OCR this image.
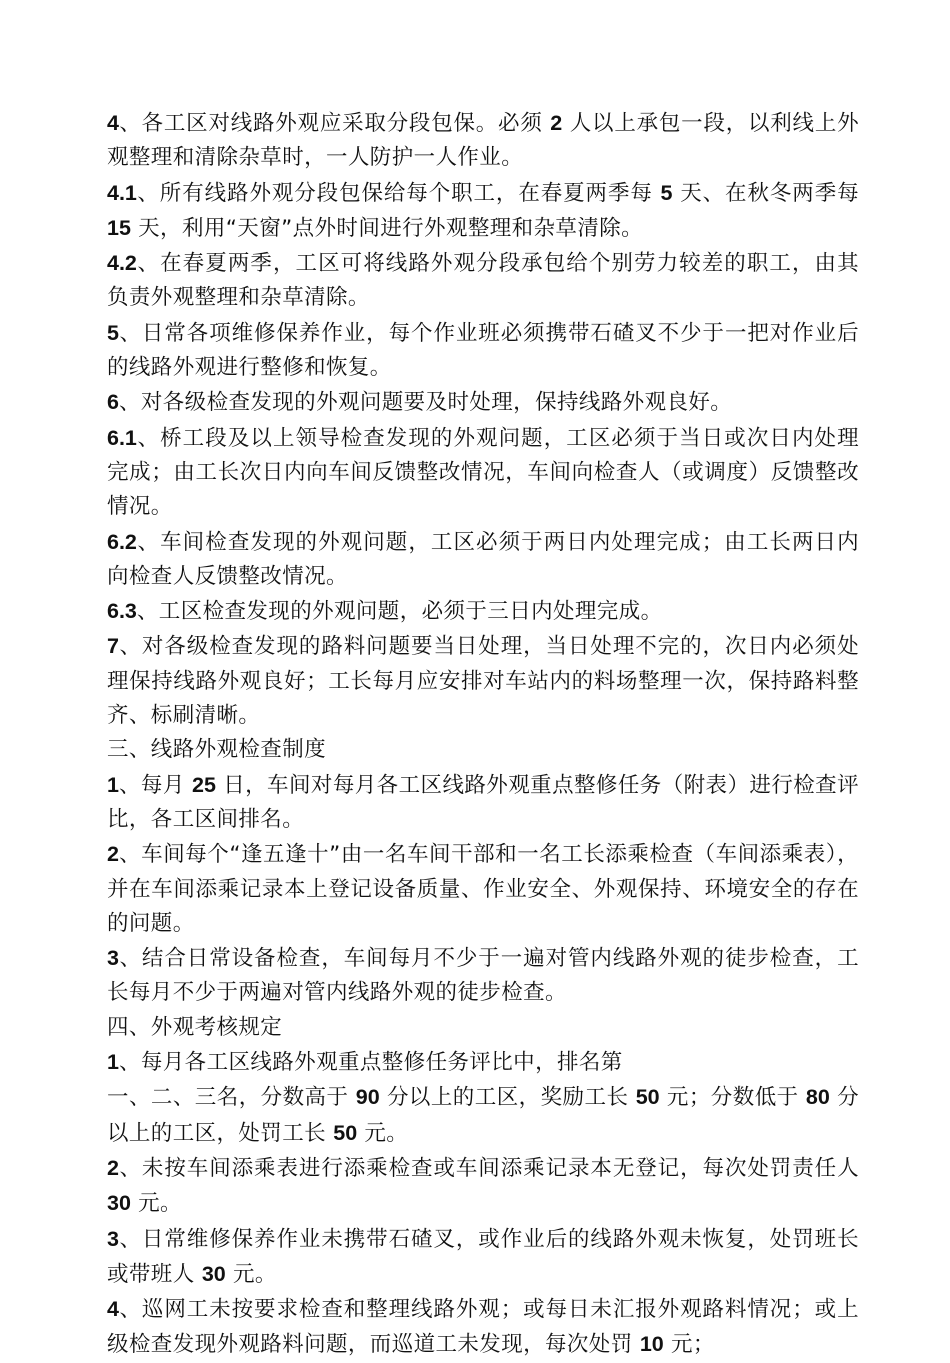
4、各工区对线路外观应采取分段包保。必须 2 人以上承包一段，以利线上外观整理和清除杂草时，一人防护一人作业。

4.1、所有线路外观分段包保给每个职工，在春夏两季每 5 天、在秋冬两季每 15 天，利用“天窗”点外时间进行外观整理和杂草清除。

4.2、在春夏两季，工区可将线路外观分段承包给个别劳力较差的职工，由其负责外观整理和杂草清除。

5、日常各项维修保养作业，每个作业班必须携带石碴叉不少于一把对作业后的线路外观进行整修和恢复。

6、对各级检查发现的外观问题要及时处理，保持线路外观良好。

6.1、桥工段及以上领导检查发现的外观问题，工区必须于当日或次日内处理完成；由工长次日内向车间反馈整改情况，车间向检查人（或调度）反馈整改情况。

6.2、车间检查发现的外观问题，工区必须于两日内处理完成；由工长两日内向检查人反馈整改情况。

6.3、工区检查发现的外观问题，必须于三日内处理完成。

7、对各级检查发现的路料问题要当日处理，当日处理不完的，次日内必须处理保持线路外观良好；工长每月应安排对车站内的料场整理一次，保持路料整齐、标刷清晰。

三、线路外观检查制度

1、每月 25 日，车间对每月各工区线路外观重点整修任务（附表）进行检查评比，各工区间排名。

2、车间每个“逢五逢十”由一名车间干部和一名工长添乘检查（车间添乘表），并在车间添乘记录本上登记设备质量、作业安全、外观保持、环境安全的存在的问题。

3、结合日常设备检查，车间每月不少于一遍对管内线路外观的徒步检查，工长每月不少于两遍对管内线路外观的徒步检查。

四、外观考核规定

1、每月各工区线路外观重点整修任务评比中，排名第

一、二、三名，分数高于 90 分以上的工区，奖励工长 50 元；分数低于 80 分以上的工区，处罚工长 50 元。

2、未按车间添乘表进行添乘检查或车间添乘记录本无登记，每次处罚责任人 30 元。

3、日常维修保养作业未携带石碴叉，或作业后的线路外观未恢复，处罚班长或带班人 30 元。

4、巡网工未按要求检查和整理线路外观；或每日未汇报外观路料情况；或上级检查发现外观路料问题，而巡道工未发现，每次处罚 10 元；
